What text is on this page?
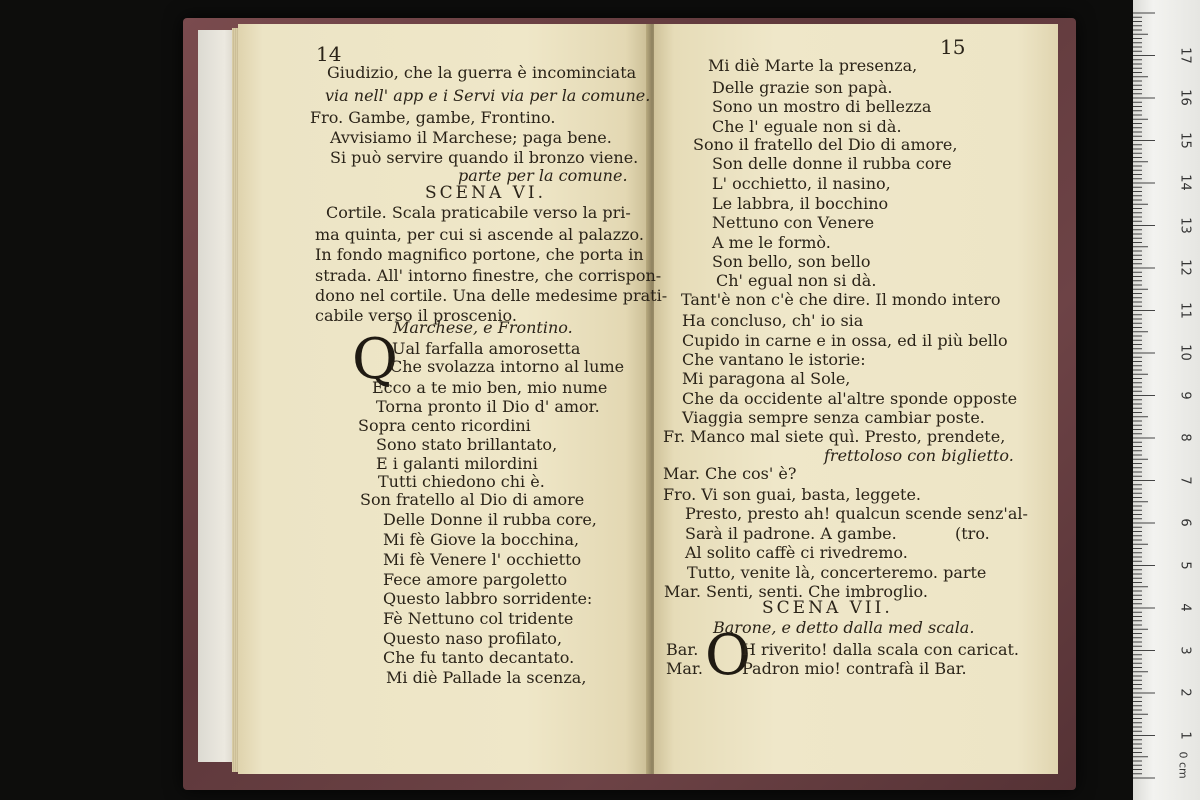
14
Giudizio, che la guerra è incominciata
via nell' app e i Servi via per la comune.
Fro. Gambe, gambe, Frontino.
Avvisiamo il Marchese; paga bene.
Si può servire quando il bronzo viene.
parte per la comune.
SCENA VI.
Cortile. Scala praticabile verso la pri-
ma quinta, per cui si ascende al palazzo.
In fondo magnifico portone, che porta in
strada. All' intorno finestre, che corrispon-
dono nel cortile. Una delle medesime prati-
cabile verso il proscenio.
Marchese, e Frontino.
Q
Ual farfalla amorosetta
Che svolazza intorno al lume
Ecco a te mio ben, mio nume
Torna pronto il Dio d' amor.
Sopra cento ricordini
Sono stato brillantato,
E i galanti milordini
Tutti chiedono chi è.
Son fratello al Dio di amore
Delle Donne il rubba core,
Mi fè Giove la bocchina,
Mi fè Venere l' occhietto
Fece amore pargoletto
Questo labbro sorridente:
Fè Nettuno col tridente
Questo naso profilato,
Che fu tanto decantato.
Mi diè Pallade la scenza,
15
Mi diè Marte la presenza,
Delle grazie son papà.
Sono un mostro di bellezza
Che l' eguale non si dà.
Sono il fratello del Dio di amore,
Son delle donne il rubba core
L' occhietto, il nasino,
Le labbra, il bocchino
Nettuno con Venere
A me le formò.
Son bello, son bello
Ch' egual non si dà.
Tant'è non c'è che dire. Il mondo intero
Ha concluso, ch' io sia
Cupido in carne e in ossa, ed il più bello
Che vantano le istorie:
Mi paragona al Sole,
Che da occidente al'altre sponde opposte
Viaggia sempre senza cambiar poste.
Fr. Manco mal siete quì. Presto, prendete,
frettoloso con biglietto.
Mar. Che cos' è?
Fro. Vi son guai, basta, leggete.
Presto, presto ah! qualcun scende senz'al-
Sarà il padrone. A gambe.	(tro.
Al solito caffè ci rivedremo.
Tutto, venite là, concerteremo. parte
Mar. Senti, senti. Che imbroglio.
SCENA VII.
Barone, e detto dalla med scala.
Bar. O
H riverito! dalla scala con caricat.
Mar. Padron mio! contrafà il Bar.
17
16
15
14
13
12
11
10
9
8
7
6
5
4
3
2
1
0 cm
